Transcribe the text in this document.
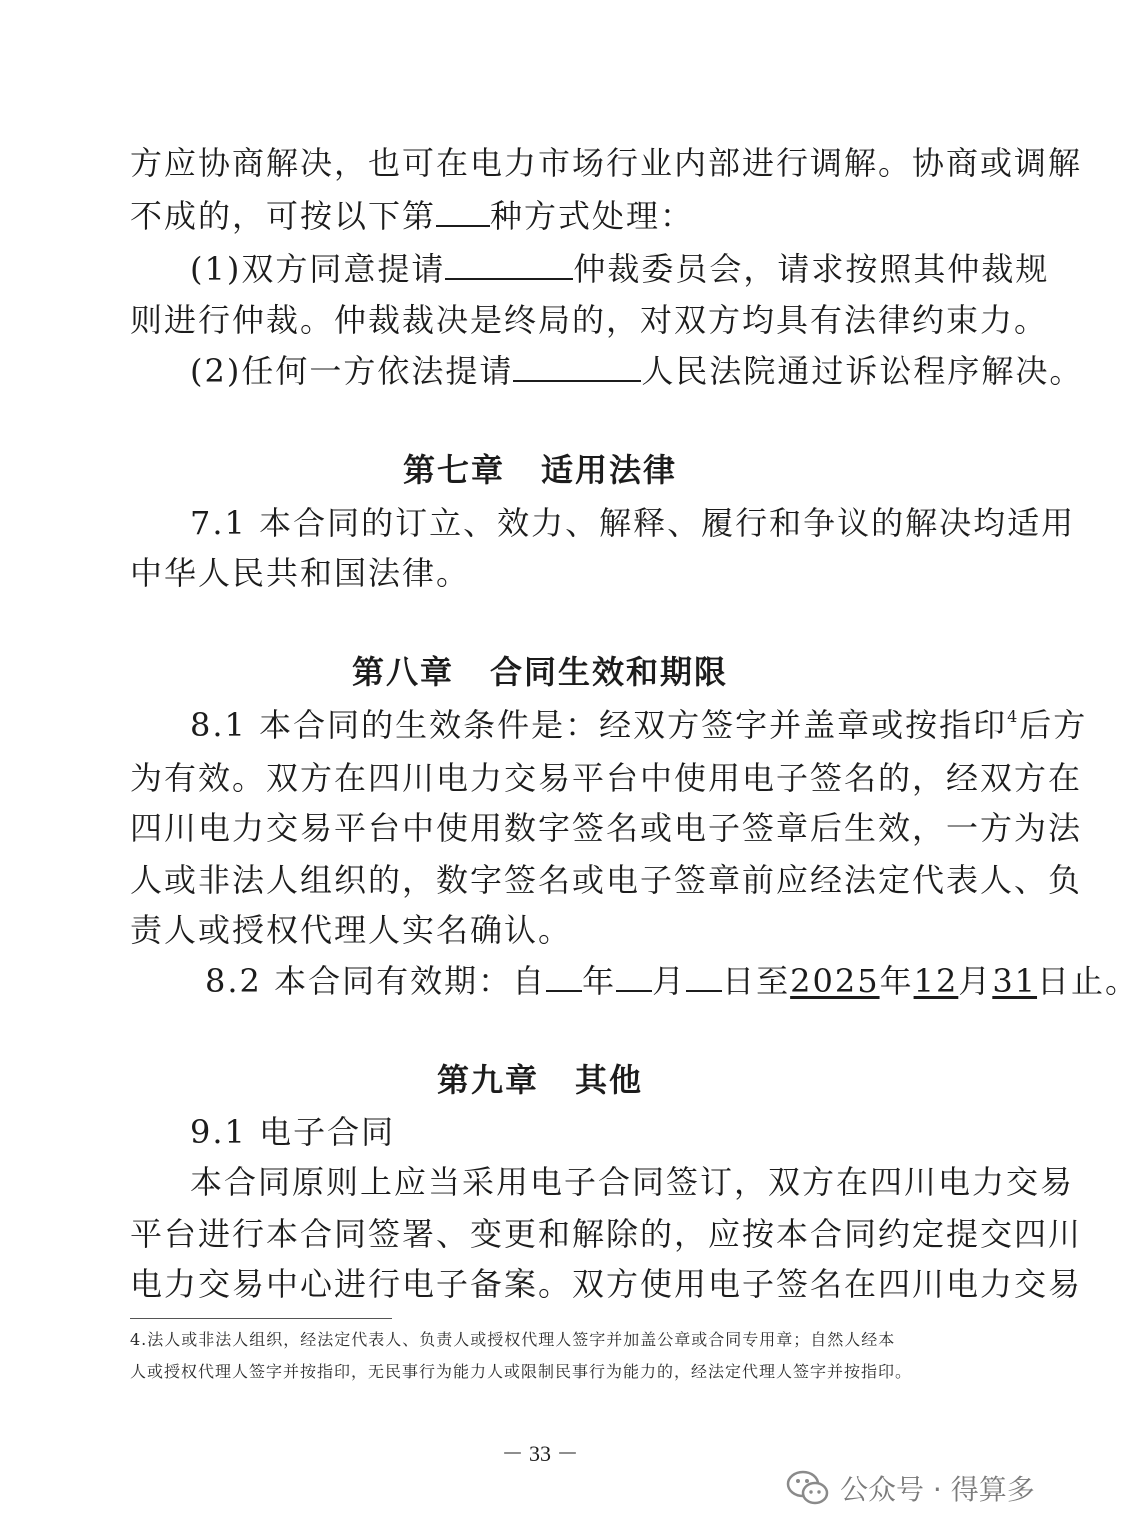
方应协商解决，也可在电力市场行业内部进行调解。协商或调解
不成的，可按以下第 种方式处理：
(1)双方同意提请	仲裁委员会，请求按照其仲裁规
则进行仲裁。仲裁裁决是终局的，对双方均具有法律约束力。
(2)任何一方依法提请	人民法院通过诉讼程序解决。
第七章 适用法律
7.1 本合同的订立、效力、解释、履行和争议的解决均适用
中华人民共和国法律。
第八章 合同生效和期限
8.1 本合同的生效条件是：经双方签字并盖章或按指印$^4$后方
为有效。双方在四川电力交易平台中使用电子签名的，经双方在
四川电力交易平台中使用数字签名或电子签章后生效，一方为法
人或非法人组织的，数字签名或电子签章前应经法定代表人、负
责人或授权代理人实名确认。
8.2 本合同有效期：自 年 月 日至2025年12月31日止。
第九章 其他
9.1 电子合同
本合同原则上应当采用电子合同签订，双方在四川电力交易
平台进行本合同签署、变更和解除的，应按本合同约定提交四川
电力交易中心进行电子备案。双方使用电子签名在四川电力交易
4.法人或非法人组织，经法定代表人、负责人或授权代理人签字并加盖公章或合同专用章；自然人经本
人或授权代理人签字并按指印，无民事行为能力人或限制民事行为能力的，经法定代理人签字并按指印。
－ 33 －
公众号 · 得算多
